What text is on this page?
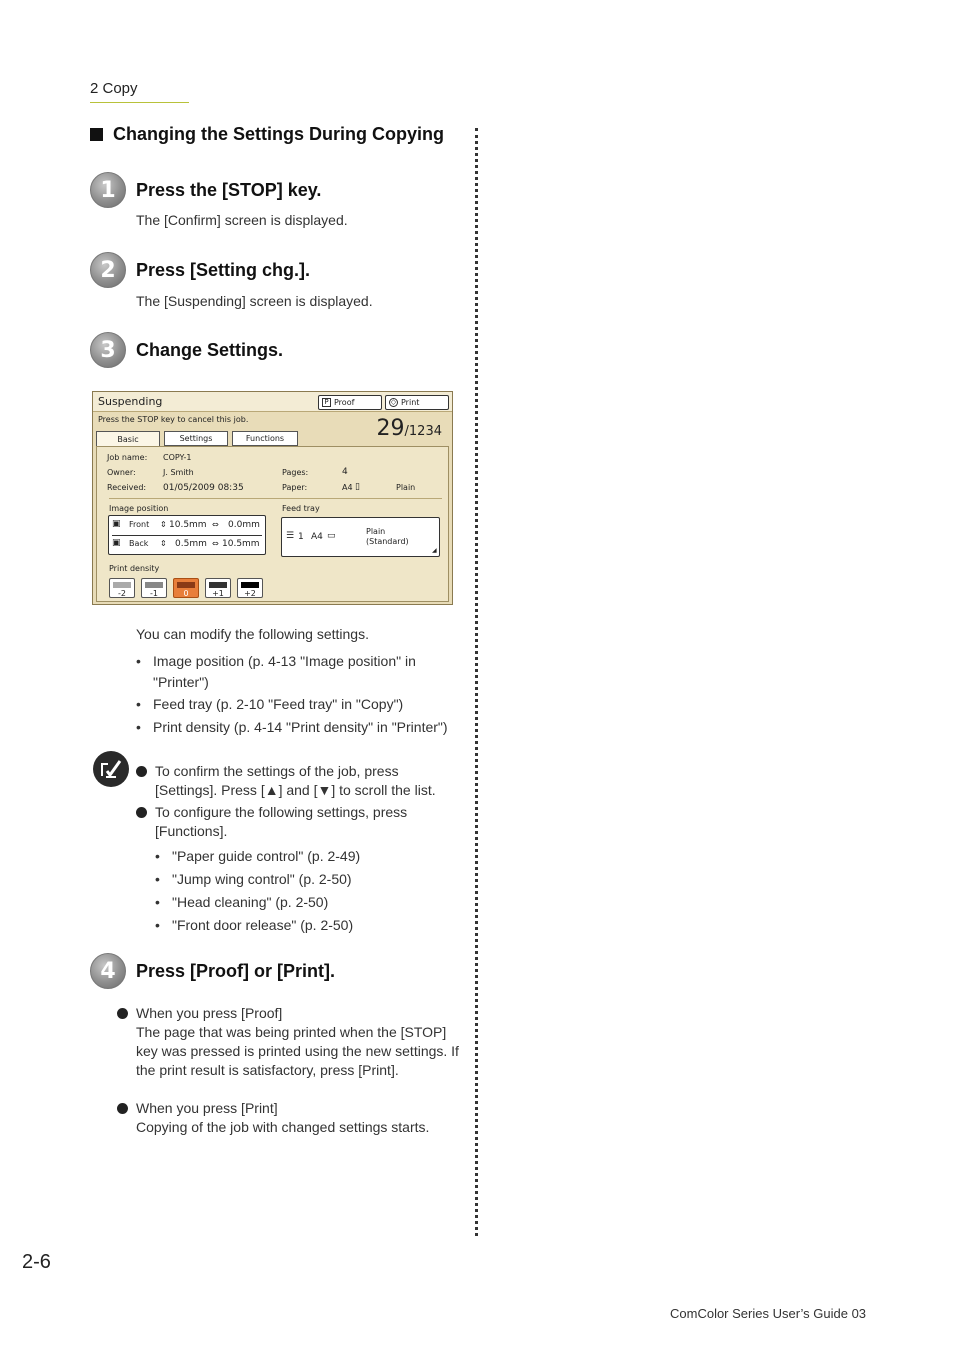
2 Copy
Changing the Settings During Copying
1	Press the [STOP] key.
The [Confirm] screen is displayed.
2	Press [Setting chg.].
The [Suspending] screen is displayed.
3	Change Settings.
Suspending	P Proof	◇ Print
Press the STOP key to cancel this job.	29/1234
Basic	Settings	Functions
Job name: COPY-1
Owner:	J. Smith
Received: 01/05/2009 08:35
Pages:	4
Paper:	A4 ▯	Plain
Image position
▣ Front ⇕ 10.5mm ⇔ 0.0mm
▣ Back ⇕ 0.5mm ⇔ 10.5mm
Feed tray
☰ 1 A4 ▭	Plain
(Standard)
◢
Print density
-2	-1	0	+1	+2
You can modify the following settings.
• Image position (p. 4-13 "Image position" in "Printer")
• Feed tray (p. 2-10 "Feed tray" in "Copy")
• Print density (p. 4-14 "Print density" in "Printer")
To confirm the settings of the job, press [Settings]. Press [▲] and [▼] to scroll the list.
To configure the following settings, press [Functions].
• "Paper guide control" (p. 2-49)
• "Jump wing control" (p. 2-50)
• "Head cleaning" (p. 2-50)
• "Front door release" (p. 2-50)
4	Press [Proof] or [Print].
When you press [Proof]
The page that was being printed when the [STOP] key was pressed is printed using the new settings. If the print result is satisfactory, press [Print].
When you press [Print]
Copying of the job with changed settings starts.
2-6
ComColor Series User’s Guide 03
